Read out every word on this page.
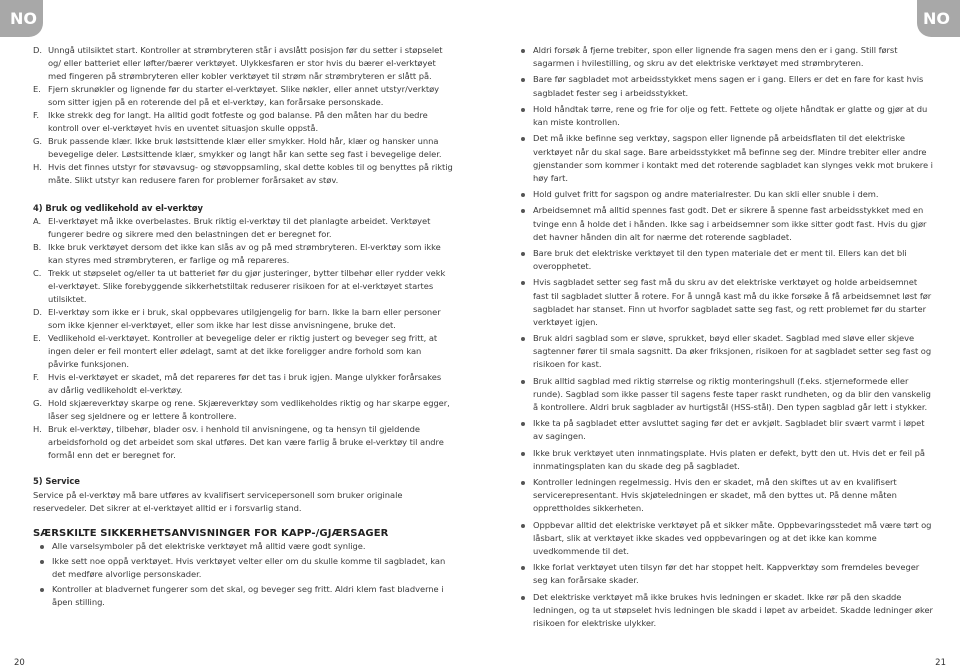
NO	NO
D. Unngå utilsiktet start. Kontroller at strømbryteren står i avslått posisjon før du setter i støpselet og/ eller batteriet eller løfter/bærer verktøyet. Ulykkesfaren er stor hvis du bærer el-verktøyet med fingeren på strømbryteren eller kobler verktøyet til strøm når strømbryteren er slått på.
E. Fjern skrunøkler og lignende før du starter el-verktøyet. Slike nøkler, eller annet utstyr/verktøy som sitter igjen på en roterende del på et el-verktøy, kan forårsake personskade.
F.	Ikke strekk deg for langt. Ha alltid godt fotfeste og god balanse. På den måten har du bedre kontroll over el-verktøyet hvis en uventet situasjon skulle oppstå.
G. Bruk passende klær. Ikke bruk løstsittende klær eller smykker. Hold hår, klær og hansker unna bevegelige deler. Løstsittende klær, smykker og langt hår kan sette seg fast i bevegelige deler.
H. Hvis det finnes utstyr for støvavsug- og støvoppsamling, skal dette kobles til og benyttes på riktig måte. Slikt utstyr kan redusere faren for problemer forårsaket av støv.
4) Bruk og vedlikehold av el-verktøy
A. El-verktøyet må ikke overbelastes. Bruk riktig el-verktøy til det planlagte arbeidet. Verktøyet fungerer bedre og sikrere med den belastningen det er beregnet for.
B. Ikke bruk verktøyet dersom det ikke kan slås av og på med strømbryteren. El-verktøy som ikke kan styres med strømbryteren, er farlige og må repareres.
C. Trekk ut støpselet og/eller ta ut batteriet før du gjør justeringer, bytter tilbehør eller rydder vekk el-verktøyet. Slike forebyggende sikkerhetstiltak reduserer risikoen for at el-verktøyet startes utilsiktet.
D. El-verktøy som ikke er i bruk, skal oppbevares utilgjengelig for barn. Ikke la barn eller personer som ikke kjenner el-verktøyet, eller som ikke har lest disse anvisningene, bruke det.
E. Vedlikehold el-verktøyet. Kontroller at bevegelige deler er riktig justert og beveger seg fritt, at ingen deler er feil montert eller ødelagt, samt at det ikke foreligger andre forhold som kan påvirke funksjonen.
F.	Hvis el-verktøyet er skadet, må det repareres før det tas i bruk igjen. Mange ulykker forårsakes av dårlig vedlikeholdt el-verktøy.
G. Hold skjæreverktøy skarpe og rene. Skjæreverktøy som vedlikeholdes riktig og har skarpe egger, låser seg sjeldnere og er lettere å kontrollere.
H. Bruk el-verktøy, tilbehør, blader osv. i henhold til anvisningene, og ta hensyn til gjeldende arbeidsforhold og det arbeidet som skal utføres. Det kan være farlig å bruke el-verktøy til andre formål enn det er beregnet for.
5) Service

Service på el-verktøy må bare utføres av kvalifisert servicepersonell som bruker originale reservedeler. Det sikrer at el-verktøyet alltid er i forsvarlig stand.

SÆRSKILTE SIKKERHETSANVISNINGER FOR KAPP-/GJÆRSAGER
Alle varselsymboler på det elektriske verktøyet må alltid være godt synlige.
Ikke sett noe oppå verktøyet. Hvis verktøyet velter eller om du skulle komme til sagbladet, kan det medføre alvorlige personskader.
Kontroller at bladvernet fungerer som det skal, og beveger seg fritt. Aldri klem fast bladverne i åpen stilling.
Aldri forsøk å fjerne trebiter, spon eller lignende fra sagen mens den er i gang. Still først sagarmen i hvilestilling, og skru av det elektriske verktøyet med strømbryteren.
Bare før sagbladet mot arbeidsstykket mens sagen er i gang. Ellers er det en fare for kast hvis sagbladet fester seg i arbeidsstykket.
Hold håndtak tørre, rene og frie for olje og fett. Fettete og oljete håndtak er glatte og gjør at du kan miste kontrollen.
Det må ikke befinne seg verktøy, sagspon eller lignende på arbeidsflaten til det elektriske verktøyet når du skal sage. Bare arbeidsstykket må befinne seg der. Mindre trebiter eller andre gjenstander som kommer i kontakt med det roterende sagbladet kan slynges vekk mot brukere i høy fart.
Hold gulvet fritt for sagspon og andre materialrester. Du kan skli eller snuble i dem.
Arbeidsemnet må alltid spennes fast godt. Det er sikrere å spenne fast arbeidsstykket med en tvinge enn å holde det i hånden. Ikke sag i arbeidsemner som ikke sitter godt fast. Hvis du gjør det havner hånden din alt for nærme det roterende sagbladet.
Bare bruk det elektriske verktøyet til den typen materiale det er ment til. Ellers kan det bli overopphetet.
Hvis sagbladet setter seg fast må du skru av det elektriske verktøyet og holde arbeidsemnet fast til sagbladet slutter å rotere. For å unngå kast må du ikke forsøke å få arbeidsemnet løst før sagbladet har stanset. Finn ut hvorfor sagbladet satte seg fast, og rett problemet før du starter verktøyet igjen.
Bruk aldri sagblad som er sløve, sprukket, bøyd eller skadet. Sagblad med sløve eller skjeve sagtenner fører til smala sagsnitt. Da øker friksjonen, risikoen for at sagbladet setter seg fast og risikoen for kast.
Bruk alltid sagblad med riktig størrelse og riktig monteringshull (f.eks. stjerneformede eller runde). Sagblad som ikke passer til sagens feste taper raskt rundheten, og da blir den vanskelig å kontrollere. Aldri bruk sagblader av hurtigstål (HSS-stål). Den typen sagblad går lett i stykker.
Ikke ta på sagbladet etter avsluttet saging før det er avkjølt. Sagbladet blir svært varmt i løpet av sagingen.
Ikke bruk verktøyet uten innmatingsplate. Hvis platen er defekt, bytt den ut. Hvis det er feil på innmatingsplaten kan du skade deg på sagbladet.
Kontroller ledningen regelmessig. Hvis den er skadet, må den skiftes ut av en kvalifisert servicerepresentant. Hvis skjøteledningen er skadet, må den byttes ut. På denne måten opprettholdes sikkerheten.
Oppbevar alltid det elektriske verktøyet på et sikker måte. Oppbevaringsstedet må være tørt og låsbart, slik at verktøyet ikke skades ved oppbevaringen og at det ikke kan komme uvedkommende til det.
Ikke forlat verktøyet uten tilsyn før det har stoppet helt. Kappverktøy som fremdeles beveger seg kan forårsake skader.
Det elektriske verktøyet må ikke brukes hvis ledningen er skadet. Ikke rør på den skadde ledningen, og ta ut støpselet hvis ledningen ble skadd i løpet av arbeidet. Skadde ledninger øker risikoen for elektriske ulykker.
20	21
